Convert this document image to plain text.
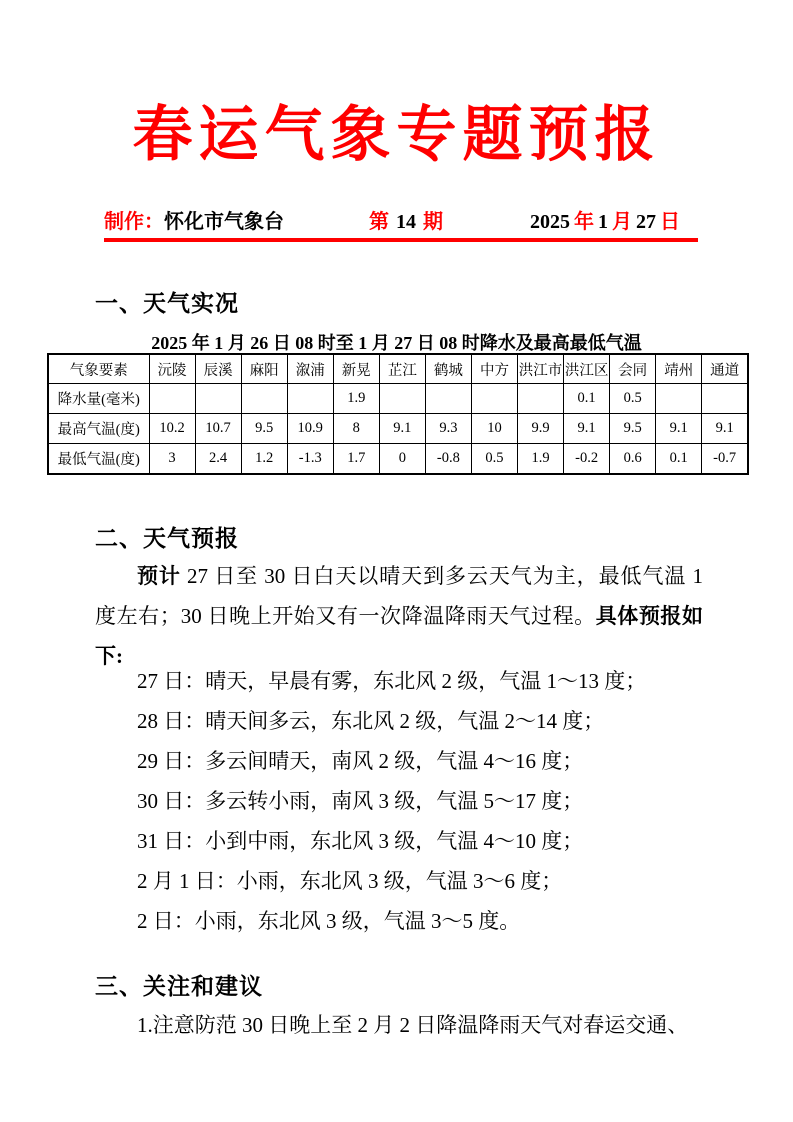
春运气象专题预报
制作：怀化市气象台	第 14 期	2025 年 1 月 27 日
一、天气实况
2025 年 1 月 26 日 08 时至 1 月 27 日 08 时降水及最高最低气温
气象要素	沅陵	辰溪	麻阳	溆浦	新晃	芷江	鹤城	中方	洪江市	洪江区	会同	靖州	通道
降水量(毫米)					1.9					0.1	0.5		
最高气温(度)	10.2	10.7	9.5	10.9	8	9.1	9.3	10	9.9	9.1	9.5	9.1	9.1
最低气温(度)	3	2.4	1.2	-1.3	1.7	0	-0.8	0.5	1.9	-0.2	0.6	0.1	-0.7
二、天气预报
预计 27 日至 30 日白天以晴天到多云天气为主，最低气温 1 度左右；30 日晚上开始又有一次降温降雨天气过程。具体预报如下:
27 日：晴天，早晨有雾，东北风 2 级，气温 1～13 度；
28 日：晴天间多云，东北风 2 级，气温 2～14 度；
29 日：多云间晴天，南风 2 级，气温 4～16 度；
30 日：多云转小雨，南风 3 级，气温 5～17 度；
31 日：小到中雨，东北风 3 级，气温 4～10 度；
2 月 1 日：小雨，东北风 3 级，气温 3～6 度；
2 日：小雨，东北风 3 级，气温 3～5 度。
三、关注和建议
1.注意防范 30 日晚上至 2 月 2 日降温降雨天气对春运交通、
